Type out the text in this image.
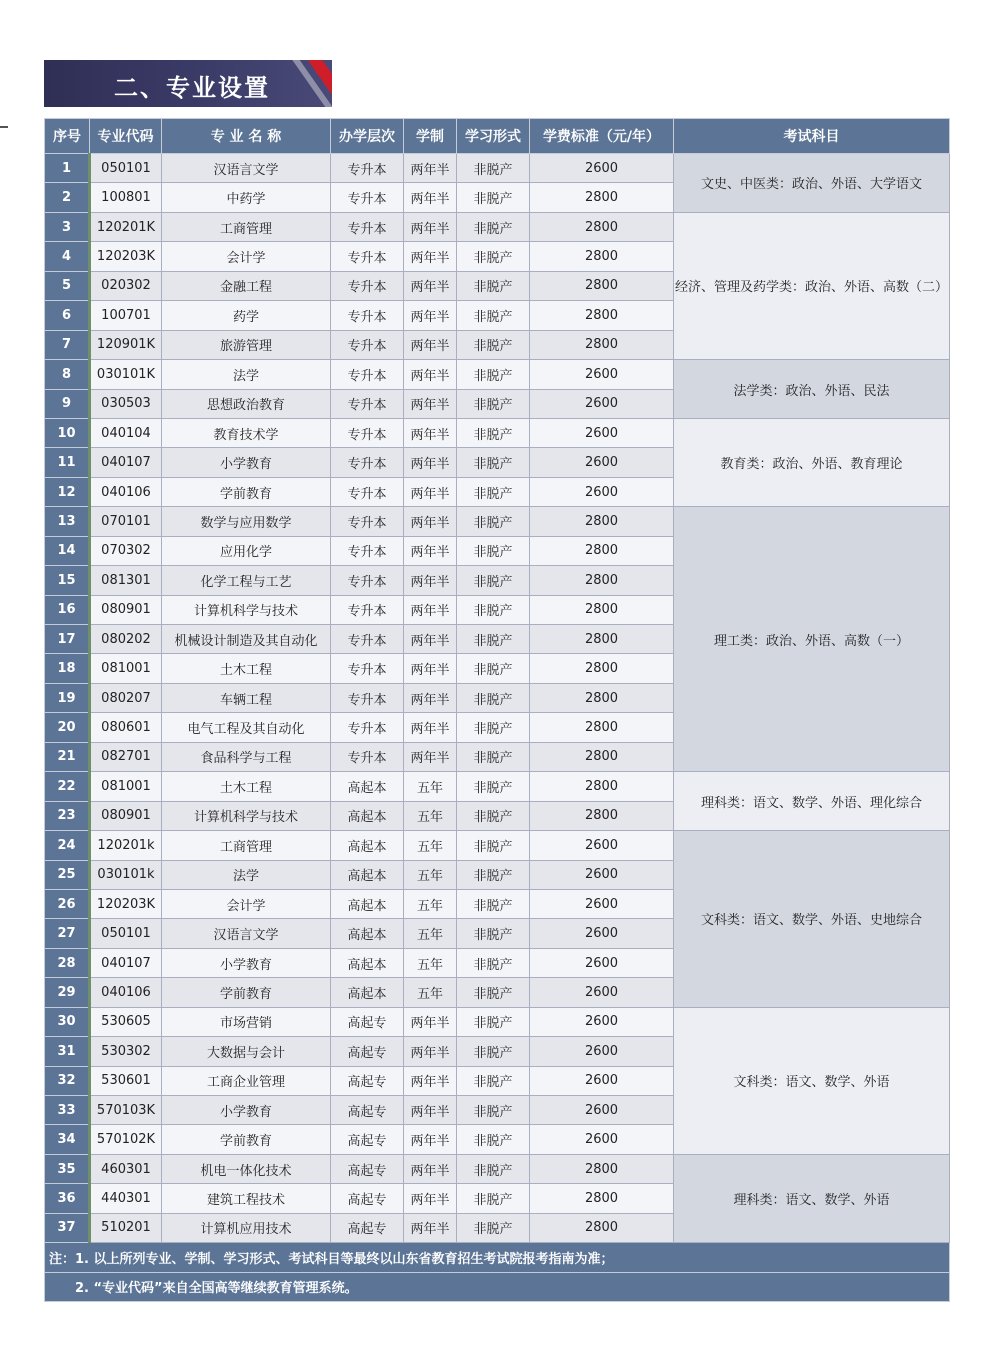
二、专业设置
序号	专业代码	专 业 名 称	办学层次	学制	学习形式	学费标准（元/年）	考试科目
1	050101	汉语言文学	专升本	两年半	非脱产	2600	文史、中医类：政治、外语、大学语文
2	100801	中药学	专升本	两年半	非脱产	2800	
3	120201K	工商管理	专升本	两年半	非脱产	2800	经济、管理及药学类：政治、外语、高数（二）
4	120203K	会计学	专升本	两年半	非脱产	2800	
5	020302	金融工程	专升本	两年半	非脱产	2800	
6	100701	药学	专升本	两年半	非脱产	2800	
7	120901K	旅游管理	专升本	两年半	非脱产	2800	
8	030101K	法学	专升本	两年半	非脱产	2600	法学类：政治、外语、民法
9	030503	思想政治教育	专升本	两年半	非脱产	2600	
10	040104	教育技术学	专升本	两年半	非脱产	2600	教育类：政治、外语、教育理论
11	040107	小学教育	专升本	两年半	非脱产	2600	
12	040106	学前教育	专升本	两年半	非脱产	2600	
13	070101	数学与应用数学	专升本	两年半	非脱产	2800	理工类：政治、外语、高数（一）
14	070302	应用化学	专升本	两年半	非脱产	2800	
15	081301	化学工程与工艺	专升本	两年半	非脱产	2800	
16	080901	计算机科学与技术	专升本	两年半	非脱产	2800	
17	080202	机械设计制造及其自动化	专升本	两年半	非脱产	2800	
18	081001	土木工程	专升本	两年半	非脱产	2800	
19	080207	车辆工程	专升本	两年半	非脱产	2800	
20	080601	电气工程及其自动化	专升本	两年半	非脱产	2800	
21	082701	食品科学与工程	专升本	两年半	非脱产	2800	
22	081001	土木工程	高起本	五年	非脱产	2800	理科类：语文、数学、外语、理化综合
23	080901	计算机科学与技术	高起本	五年	非脱产	2800	
24	120201k	工商管理	高起本	五年	非脱产	2600	文科类：语文、数学、外语、史地综合
25	030101k	法学	高起本	五年	非脱产	2600	
26	120203K	会计学	高起本	五年	非脱产	2600	
27	050101	汉语言文学	高起本	五年	非脱产	2600	
28	040107	小学教育	高起本	五年	非脱产	2600	
29	040106	学前教育	高起本	五年	非脱产	2600	
30	530605	市场营销	高起专	两年半	非脱产	2600	文科类：语文、数学、外语
31	530302	大数据与会计	高起专	两年半	非脱产	2600	
32	530601	工商企业管理	高起专	两年半	非脱产	2600	
33	570103K	小学教育	高起专	两年半	非脱产	2600	
34	570102K	学前教育	高起专	两年半	非脱产	2600	
35	460301	机电一体化技术	高起专	两年半	非脱产	2800	理科类：语文、数学、外语
36	440301	建筑工程技术	高起专	两年半	非脱产	2800	
37	510201	计算机应用技术	高起专	两年半	非脱产	2800	
注：1. 以上所列专业、学制、学习形式、考试科目等最终以山东省教育招生考试院报考指南为准；							
2. “专业代码”来自全国高等继续教育管理系统。							
